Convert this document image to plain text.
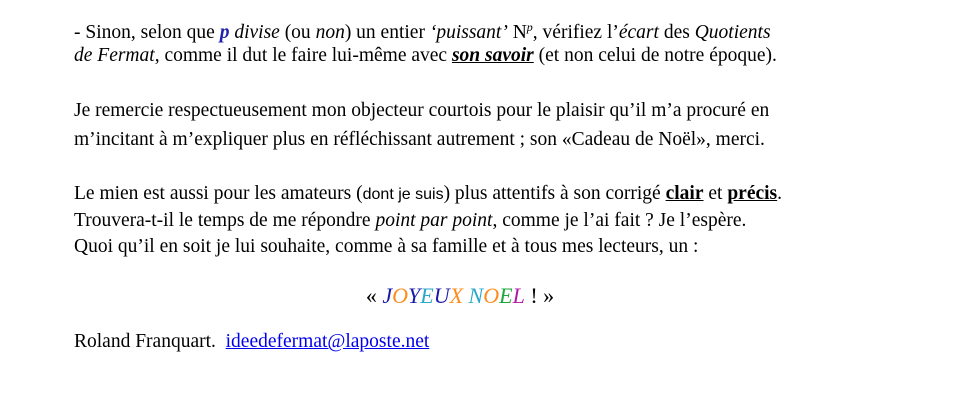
- Sinon, selon que p divise (ou non) un entier ‘puissant’ $N^p$, vérifiez l’écart des Quotients
de Fermat, comme il dut le faire lui-même avec son savoir (et non celui de notre époque).
Je remercie respectueusement mon objecteur courtois pour le plaisir qu’il m’a procuré en
m’incitant à m’expliquer plus en réfléchissant autrement ; son «Cadeau de Noël», merci.
Le mien est aussi pour les amateurs (dont je suis) plus attentifs à son corrigé clair et précis.
Trouvera-t-il le temps de me répondre point par point, comme je l’ai fait ? Je l’espère.
Quoi qu’il en soit je lui souhaite, comme à sa famille et à tous mes lecteurs, un :
« JOYEUX NOEL ! »
Roland Franquart. ideedefermat@laposte.net
